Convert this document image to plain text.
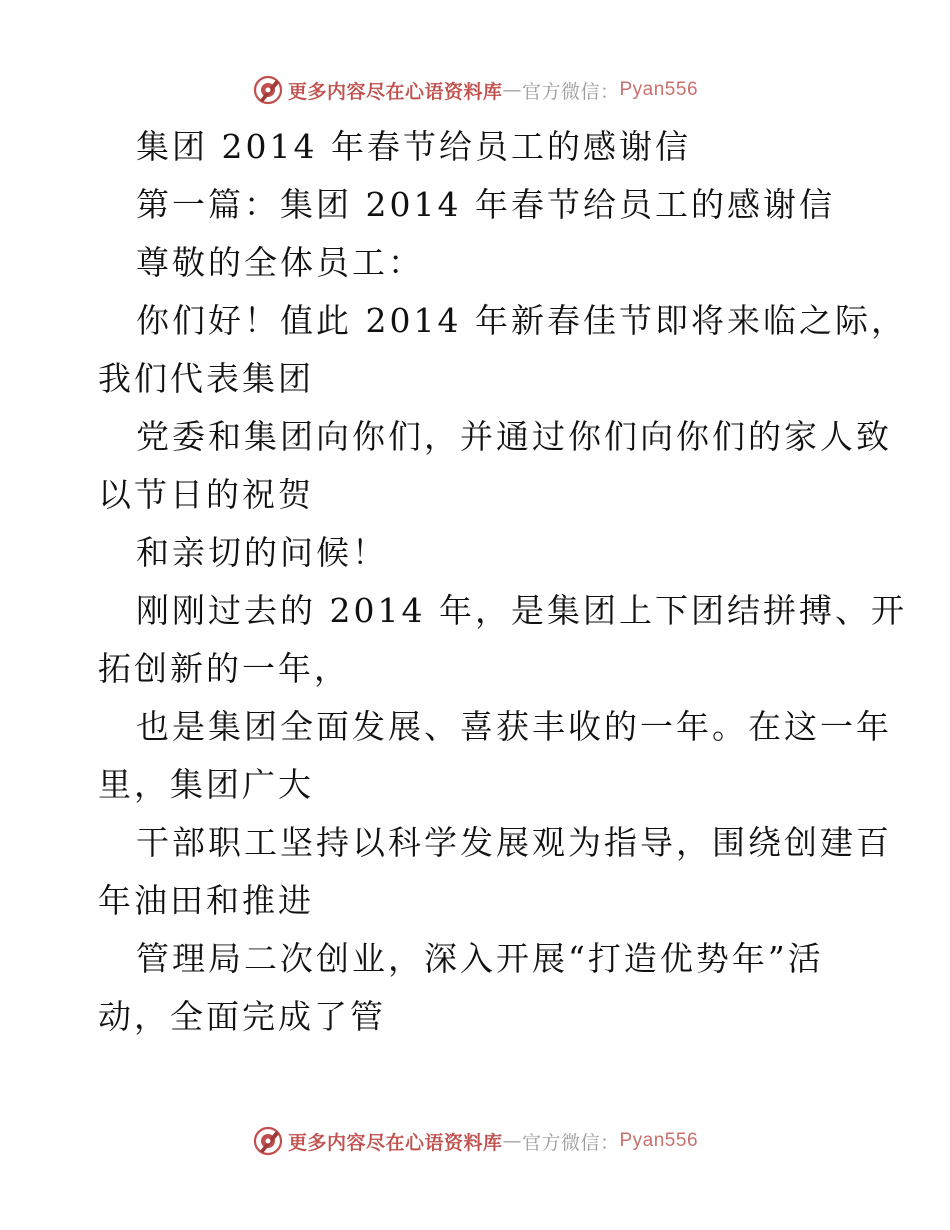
更多内容尽在心语资料库 — 官方微信： Pyan556
集团 2014 年春节给员工的感谢信
第一篇：集团 2014 年春节给员工的感谢信
尊敬的全体员工：
你们好！值此 2014 年新春佳节即将来临之际，
我们代表集团
党委和集团向你们，并通过你们向你们的家人致
以节日的祝贺
和亲切的问候！
刚刚过去的 2014 年，是集团上下团结拼搏、开
拓创新的一年，
也是集团全面发展、喜获丰收的一年。在这一年
里，集团广大
干部职工坚持以科学发展观为指导，围绕创建百
年油田和推进
管理局二次创业，深入开展“打造优势年”活
动，全面完成了管
更多内容尽在心语资料库 — 官方微信： Pyan556
